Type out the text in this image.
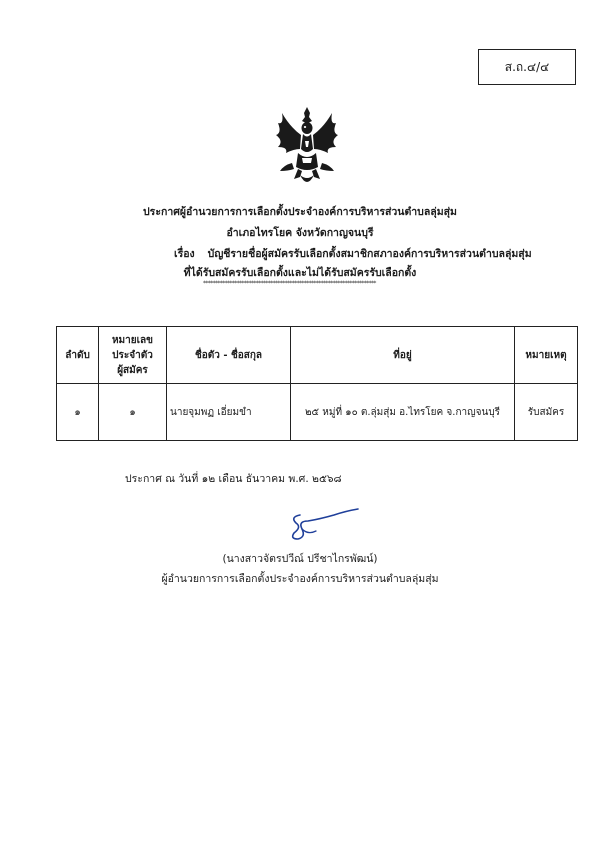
ส.ถ.๔/๔
ประกาศผู้อำนวยการการเลือกตั้งประจำองค์การบริหารส่วนตำบลลุ่มสุ่ม
อำเภอไทรโยค จังหวัดกาญจนบุรี
เรื่อง บัญชีรายชื่อผู้สมัครรับเลือกตั้งสมาชิกสภาองค์การบริหารส่วนตำบลลุ่มสุ่ม
ที่ได้รับสมัครรับเลือกตั้งและไม่ได้รับสมัครรับเลือกตั้ง
************************************************************************
ลำดับ	หมายเลข
ประจำตัว
ผู้สมัคร	ชื่อตัว - ชื่อสกุล	ที่อยู่	หมายเหตุ
๑	๑	นายจุมพฏ เอี่ยมขำ	๒๕ หมู่ที่ ๑๐ ต.ลุ่มสุ่ม อ.ไทรโยค จ.กาญจนบุรี	รับสมัคร
ประกาศ ณ วันที่ ๑๒ เดือน ธันวาคม พ.ศ. ๒๕๖๘
(นางสาวจัตรปวีณ์ ปรีชาไกรพัฒน์)
ผู้อำนวยการการเลือกตั้งประจำองค์การบริหารส่วนตำบลลุ่มสุ่ม
